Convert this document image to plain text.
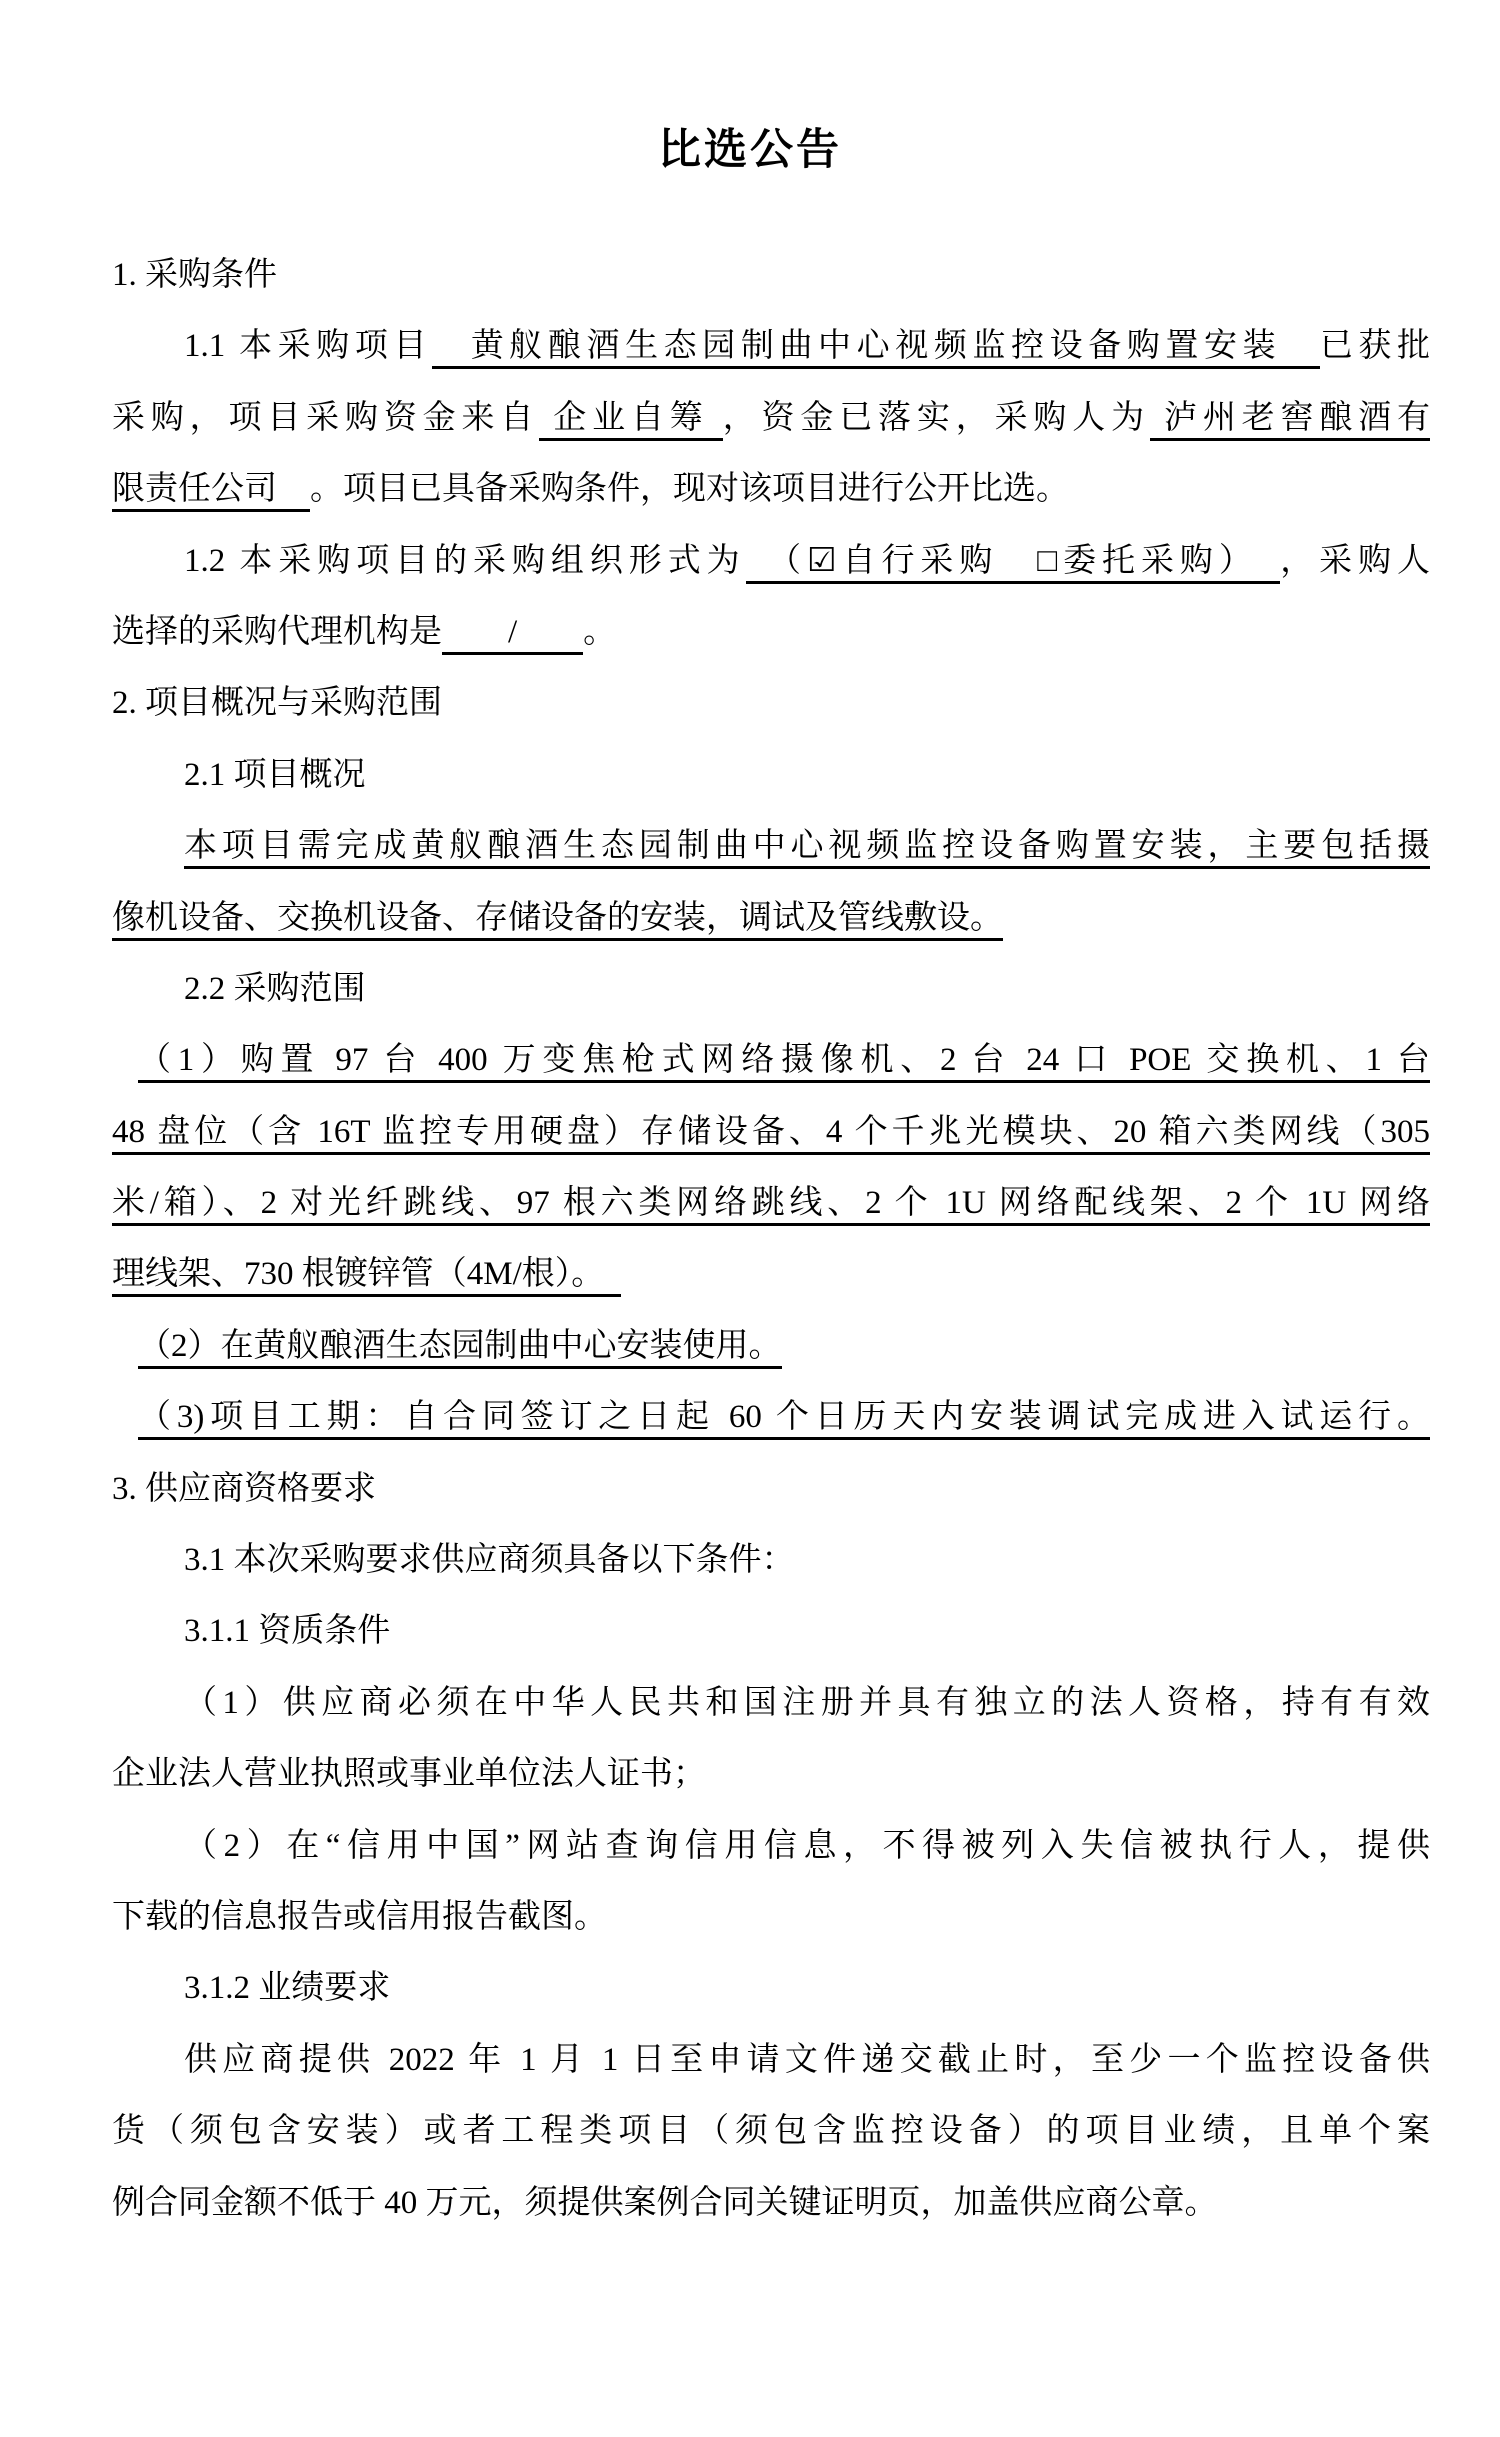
比选公告
1. 采购条件
1.1 本采购项目　黄舣酿酒生态园制曲中心视频监控设备购置安装　已获批
采购，项目采购资金来自 企业自筹 ，资金已落实，采购人为 泸州老窖酿酒有
限责任公司　。项目已具备采购条件，现对该项目进行公开比选。
1.2 本采购项目的采购组织形式为　（☑自行采购　□委托采购）　，采购人
选择的采购代理机构是　　/　　。
2. 项目概况与采购范围
2.1 项目概况
本项目需完成黄舣酿酒生态园制曲中心视频监控设备购置安装，主要包括摄
像机设备、交换机设备、存储设备的安装，调试及管线敷设。
2.2 采购范围
（1）购置 97 台 400 万变焦枪式网络摄像机、2 台 24 口 POE 交换机、1 台
48 盘位（含 16T 监控专用硬盘）存储设备、4 个千兆光模块、20 箱六类网线（305
米/箱）、2 对光纤跳线、97 根六类网络跳线、2 个 1U 网络配线架、2 个 1U 网络
理线架、730 根镀锌管（4M/根）。　
（2）在黄舣酿酒生态园制曲中心安装使用。
（3)项目工期：自合同签订之日起 60 个日历天内安装调试完成进入试运行。
3. 供应商资格要求
3.1 本次采购要求供应商须具备以下条件：
3.1.1 资质条件
（1）供应商必须在中华人民共和国注册并具有独立的法人资格，持有有效
企业法人营业执照或事业单位法人证书；
（2）在“信用中国”网站查询信用信息，不得被列入失信被执行人，提供
下载的信息报告或信用报告截图。
3.1.2 业绩要求
供应商提供 2022 年 1 月 1 日至申请文件递交截止时，至少一个监控设备供
货（须包含安装）或者工程类项目（须包含监控设备）的项目业绩，且单个案
例合同金额不低于 40 万元，须提供案例合同关键证明页，加盖供应商公章。
